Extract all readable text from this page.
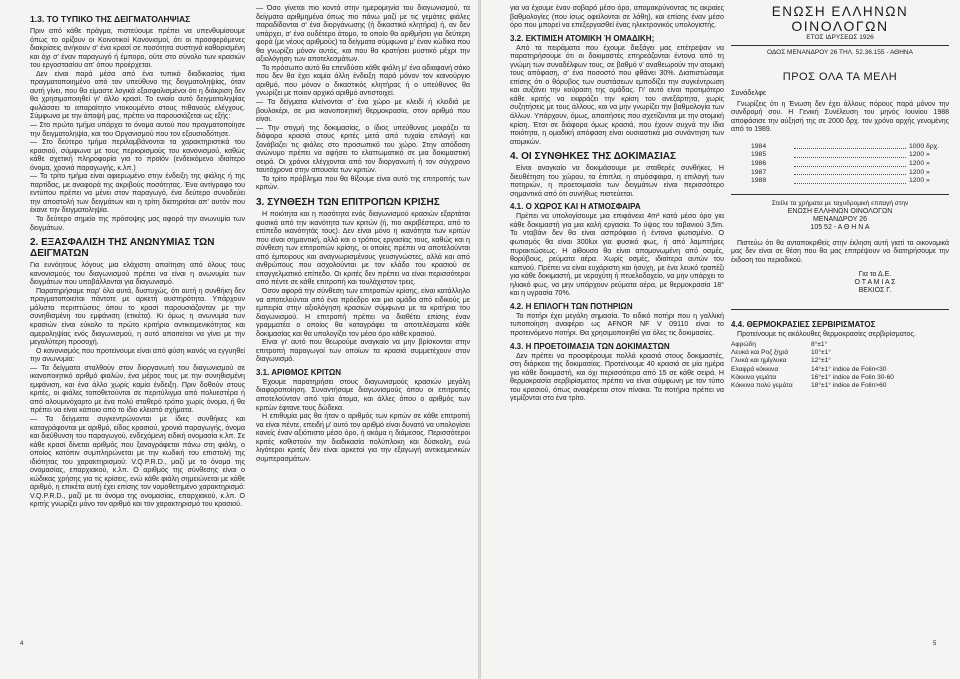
1.3. ΤΟ ΤΥΠΙΚΟ ΤΗΣ ΔΕΙΓΜΑΤΟΛΗΨΙΑΣ

Πριν από κάθε πράγμα, πιστεύουμε πρέπει να υπενθυμίσουμε όπως το ορίζουν οι Κοινοτικοί Κανονισμοί, ότι οι προσφερόμενες διακρίσεις ανήκουν σ' ένα κρασί σε ποσότητα συστηνά καθορισμένη και όχι σ' έναν παραγωγό ή έμπορο, ούτε στο σύνολο των κρασιών του εργοστασίου απ' όπου προέρχεται.

Δεν είναι παρά μέσα από ένα τυπικό διαδικασίας τίμια πραγματοποιημένο από τον υπεύθυνο της δειγματοληψίας, όταν αυτή γίνει, που θα είμαστε λογικά εξασφαλισμένοι ότι η διάκριση δεν θα χρησιμοποιηθεί γι' άλλο κρασί. Το ενιαίο αυτό δειγματοληψίας φυλάσσει το απαραίτητο ντοκουμέντο στους πιθανούς ελέγχους. Σύμφωνα με την άποψή μας, πρέπει να παρουσιάζεται ως εξής:

— Στο πρώτο τμήμα υπάρχει το όνομα αυτού που πραγματοποίησε την δειγματοληψία, και του Οργανισμού που τον εξουσιοδότησε.

— Στο δεύτερο τμήμα περιλαμβάνονται τα χαρακτηριστικά του κρασιού, σύμφωνα με τους περιορισμούς του κανονισμού, καθώς κάθε σχετική πληροφορία για το προϊόν (ενδεικόμενο ιδιαίτερο όνομα, χρονιά παραγωγής, κ.λπ.)

— Το τρίτο τμήμα είναι αφιερωμένο στην ένδειξη της φιάλης ή της παρτίδας, με αναφορά της ακριβούς ποσότητας. Ένα αντίγραφο του εντύπου πρέπει να μένει στον παραγωγό, ένα δεύτερο συνοδεύει την αποστολή των δειγμάτων και η τρίτη διατηρείται απ' αυτόν που έκανε την δειγματοληψία.

Το δεύτερο σημείο της πρόσοψης μας αφορά την ανωνυμία των δειγμάτων.

2. ΕΞΑΣΦΑΛΙΣΗ ΤΗΣ ΑΝΩΝΥΜΙΑΣ ΤΩΝ ΔΕΙΓΜΑΤΩΝ

Για ευνόητους λόγους μια ελάχιστη απαίτηση από όλους τους κανονισμούς του διαγωνισμού πρέπει να είναι η ανωνυμία των δειγμάτων που υποβάλλονται για διαγωνισμό.

Παρατηρήσαμε παρ' όλα αυτά, δυστυχώς, ότι αυτή η συνθήκη δεν πραγματοποιείται πάντοτε με αρκετή αυστηρότητα. Υπάρχουν μάλιστα περιπτώσεις όπου το κρασί παρουσιάζονταν με την συνηθισμένη του εμφάνιση (ετικέτα). Κι όμως η ανωνυμία των κρασιών είναι εύκολο το πρώτο κριτήριο αντικειμενικότητας και αμεροληψίας ενός διαγωνισμού, η αυτό απαιτείται να γίνει με την μεγαλύτερη προσοχή.

Ο κανονισμός που προτείνουμε είναι από φύση ικανός να εγγυηθεί την ανωνυμία:

— Τα δείγματα σταλθούν στον διοργανωτή του διαγωνισμού σε ικανοποιητικό αριθμό φιαλών, ένα μέρος τους με την συνηθισμένη εμφάνιση, και ένα άλλο χωρίς καμία ένδειξη. Πριν δοθούν στους κριτές, οι φιάλες τοποθετούνται σε περιτύλιγμα από πολυεστέρα ή από αλουμινόχαρτο με ένα πολύ σταθερό τρόπο χωρίς όνομα, ή θα πρέπει να είναι κάποιο από το ίδιο κλειστό σχήματα.

— Τα δείγματα συγκεντρώνονται με ίδιες συνθήκες και καταγράφονται με αριθμό, είδος κρασιού, χρονιά παραγωγής, όνομα και διεύθυνση του παραγωγού, ενδεχόμενη ειδική ονομασία κ.λπ. Σε κάθε κρασί δίνεται αριθμός που ξαναγράφεται πάνω στη φιάλη, ο οποίος κατόπιν συμπληρώνεται με την κωδική του επιστολή της ιδιότητας του χαρακτηρισμού: V.Q.P.R.D., μαζί με το όνομα της ονομασίας, επαρχιακού, κ.λπ. Ο αριθμός της σύνθεσης είναι ο κώδικας χρήσης για τις κρίσεις, ενώ κάθε φιάλη σημειώνεται με κάθε αριθμό, η επικέτα αυτή έχει επίσης τον νομοθετημένο χαρακτηρισμό: V.Q.P.R.D., μαζί με το όνομα της ονομασίας, επαρχιακού, κ.λπ. Ο κριτής γνωρίζει μόνο τον αριθμό και τον χαρακτηρισμό του κρασιού.

— Όσο γίνεται πιο κοντά στην ημερομηνία του διαγωνισμού, τα δείγματα αριθμημένα όπως πιο πάνω μαζί με τις γεμάτες φιάλες παραδίδονται σ' ένα διοργάνωσης (ή δικαστικό κλητήρα) ή, αν δεν υπάρχει, σ' ένα ουδέτερο άτομο, το οποίο θα αριθμήσει για δεύτερη φορά (με νέους αριθμούς) τα δείγματα σύμφωνα μ' έναν κώδικα που θα γνωρίζει μόνον αυτός, και που θα κρατήσει μυστικό μέχρι την αξιολόγηση των αποτελεσμάτων.

Το πρόσωπο αυτό θα επενδύσει κάθε φιάλη μ' ένα αδιαφανή σάκο που δεν θα έχει καμία άλλη ένδειξη παρά μόνον τον καινούργιο αριθμό, που μόνον ο δικαστικός κλητήρας ή ο υπεύθυνος θα γνωρίζει με ποιον αρχικό αριθμό αντιστοιχεί.

— Τα δείγματα κλείνονται σ' ένα χώρο με κλειδί ή κλειδιά με βουλοκέρι, σε μια ικανοποιητική θερμοκρασία, στον αριθμό που είναι.

— Την στιγμή της δοκιμασίας, ο ίδιος υπεύθυνος μοιράζει τα διάφορα κρασιά στους κριτές μετά από τυχαία επιλογή και ξανάβαζει τις φιάλες στο προσωπικό του χώρο. Στην απόδοση ανώνυμο πρέπει να αφήσει το ελαττωματικό σε μια δοκιμαστική σειρά. Οι χρόνοι ελέγχονται από τον διοργανωτή ή τον σύγχρονο ταυτόχρονα στην απουσία των κριτών.

Το τρίτο πρόβλημα που θα θίξουμε είναι αυτό της επιτροπής των κριτών.

3. ΣΥΝΘΕΣΗ ΤΩΝ ΕΠΙΤΡΟΠΩΝ ΚΡΙΣΗΣ

Η ποιότητα και η ποσότητα ενός διαγωνισμού κρασιών εξαρτάται φυσικά από την ικανότητα των κριτών (ή, πιο ακριβέστερα, από το επίπεδο ικανότητάς τους). Δεν είναι μόνο η ικανότητα των κριτών που είναι σημαντική, αλλά και ο τρόπος εργασίας τους, καθώς και η σύνθεση των επιτροπών κρίσης, οι οποίες πρέπει να αποτελούνται από έμπειρους και αναγνωρισμένους γευσιγνώστες, αλλά και από ανθρώπους που ασχολούνται με τον κλάδο του κρασιού σε επαγγελματικό επίπεδο. Οι κριτές δεν πρέπει να είναι περισσότεροι από πέντε σε κάθε επιτροπή και τουλάχιστον τρεις.

Όσον αφορά την σύνθεση των επιτροπών κρίσης, είναι κατάλληλο να αποτελούνται από ένα πρόεδρο και μια ομάδα από ειδικούς με εμπειρία στην αξιολόγηση κρασιών σύμφωνα με τα κριτήρια του διαγωνισμού. Η επιτροπή πρέπει να διαθέτει επίσης έναν γραμματέα ο οποίος θα καταγράφει τα αποτελέσματα κάθε δοκιμασίας και θα υπολογίζει τον μέσο όρο κάθε κρασιού.

Είναι γι' αυτό που θεωρούμε αναγκαίο να μην βρίσκονται στην επιτροπή παραγωγοί των οποίων τα κρασιά συμμετέχουν στον διαγωνισμό.

3.1. ΑΡΙΘΜΟΣ ΚΡΙΤΩΝ

Έχουμε παρατηρήσει στους διαγωνισμούς κρασιών μεγάλη διαφοροποίηση. Συναντήσαμε διαγωνισμούς όπου οι επιτροπές αποτελούνταν από τρία άτομα, και άλλες όπου ο αριθμός των κριτών έφτανε τους δώδεκα.

Η επιθυμία μας θα ήταν ο αριθμός των κριτών σε κάθε επιτροπή να είναι πέντε, επειδή μ' αυτό τον αριθμό είναι δυνατό να υπολογίσει κανείς έναν αξιόπιστο μέσο όρο, ή ακόμα η διάμεσος. Περισσότεροι κριτές καθιστούν την διαδικασία πολύπλοκη και δύσκολη, ενώ λιγότεροι κριτές δεν είναι αρκετοί για την εξαγωγή αντικειμενικών συμπερασμάτων.

4

για να έχουμε έναν σοβαρό μέσο όρο, απομακρύνοντας τις ακραίες βαθμολογίες (που ίσως οφείλονται σε λάθη), και επίσης έναν μέσο όρο που μπορεί να επεξεργασθεί ένας ηλεκτρονικός υπολογιστής.

3.2. ΕΚΤΙΜΙΣΗ ΑΤΟΜΙΚΗ Ή ΟΜΑΔΙΚΗ;

Από τα πειράματα που έχουμε διεξάγει μας επέτρεψαν να παρατηρήσουμε ότι οι δοκιμαστές επηρεάζονται έντονα από τη γνώμη των συναδέλφων τους, σε βαθμό ν' αναθεωρούν την ατομική τους απόφαση, σ' ένα ποσοστό που φθάνει 30%. Διαπιστώσαμε επίσης ότι ο θόρυβος των συστάσεων εμποδίζει την συγκέντρωση και αυξάνει την κούραση της ομάδας. Γι' αυτό είναι προτιμότερο κάθε κριτής να εκφράζει την κρίση του ανεξάρτητα, χωρίς συζητήσεις με τους άλλους, και να μην γνωρίζει την βαθμολογία των άλλων. Υπάρχουν, όμως, απαιτήσεις που σχετίζονται με την ατομική κρίση. Έτσι σε διάφορα όμως κρασιά, που έχουν συχνά την ίδια ποιότητα, η ομαδική απόφαση είναι ουσιαστικά μια συνάντηση των ατομικών.

4. ΟΙ ΣΥΝΘΗΚΕΣ ΤΗΣ ΔΟΚΙΜΑΣΙΑΣ

Είναι αναγκαίο να δοκιμάσουμε με σταθερές συνθήκες. Η διευθέτηση του χώρου, τα έπιπλα, η ατμόσφαιρα, η επιλογή των ποτηριών, η προετοιμασία των δειγμάτων είναι περισσότερο σημαντικά από ότι συνήθως πιστεύεται.

4.1. Ο ΧΩΡΟΣ ΚΑΙ Η ΑΤΜΟΣΦΑΙΡΑ

Πρέπει να υπολογίσουμε μια επιφάνεια 4m² κατά μέσο όρο για κάθε δοκιμαστή για μια καλή εργασία. Το ύψος του ταβανιού 3,5m. Το νταβάνι δεν θα είναι ασπρόφαιο ή έντονα φωτισμένο. Ο φωτισμός θα είναι 300lux για φυσικό φως, ή από λαμπτήρες πυρακτώσεως. Η αίθουσα θα είναι απομονωμένη από οσμές, θορύβους, ρεύματα αέρα. Χωρίς οσμές, ιδιαίτερα αυτών του καπνού. Πρέπει να είναι ευχάριστη και ήσυχη, με ένα λευκό τραπέζι για κάθε δοκιμαστή, με νεροχύτη ή πτυελοδοχείο, να μην υπάρχει το ηλιακό φως, να μην υπάρχουν ρεύματα αέρα, με θερμοκρασία 18° και η υγρασία 70%.

4.2. Η ΕΠΙΛΟΓΗ ΤΩΝ ΠΟΤΗΡΙΩΝ

Το ποτήρι έχει μεγάλη σημασία. Το ειδικό ποτήρι που η γαλλική τυποποίηση αναφέρει ως AFNOR NF V 09110 είναι το προτεινόμενο ποτήρι. Θα χρησιμοποιηθεί για όλες τις δοκιμασίες.

4.3. Η ΠΡΟΕΤΟΙΜΑΣΙΑ ΤΩΝ ΔΟΚΙΜΑΣΤΩΝ

Δεν πρέπει να προσφέρουμε πολλά κρασιά στους δοκιμαστές, στη διάρκεια της δοκιμασίας. Προτείνουμε 40 κρασιά σε μία ημέρα για κάθε δοκιμαστή, και όχι περισσότερα από 15 σε κάθε σειρά. Η θερμοκρασία σερβιρίσματος πρέπει να είναι σύμφωνη με τον τύπο του κρασιού, όπως αναφέρεται στον πίνακα. Τα ποτήρια πρέπει να γεμίζονται στο ένα τρίτο.

ΕΝΩΣΗ ΕΛΛΗΝΩΝ
ΟΙΝΟΛΟΓΩΝ
ΕΤΟΣ ΙΔΡΥΣΕΩΣ 1926
ΟΔΟΣ ΜΕΝΑΝΔΡΟΥ 26 ΤΗΛ. 52.36.155 - ΑΘΗΝΑ
ΠΡΟΣ ΟΛΑ ΤΑ ΜΕΛΗ

Συνάδελφε

Γνωρίζεις ότι η Ένωση δεν έχει άλλους πόρους παρά μόνον την συνδρομή σου. Η Γενική Συνέλευση του μηνός Ιουνίου 1988 αποφάσισε την αύξησή της σε 2000 δρχ. τον χρόνο αρχής γενομένης από το 1989.

1984	1000 δρχ.
1985	1200 »
1986	1200 »
1987	1200 »
1988	1200 »
Στείλε τα χρήματα με ταχυδρομική επιταγή στην
ΕΝΩΣΗ ΕΛΛΗΝΩΝ ΟΙΝΟΛΟΓΩΝ
ΜΕΝΑΝΔΡΟΥ 26
105 52 - Α Θ Η Ν Α

Πιστεύω ότι θα ανταποκριθείς στην έκληση αυτή γιατί τα οικονομικά μας δεν είναι σε θέση που θα μας επιτρέψουν να διατηρήσουμε την έκδοση του περιοδικού.

Για το Δ.Ε.
Ο Τ Α Μ Ι Α Σ
ΒΕΚΙΟΣ Γ.
4.4. ΘΕΡΜΟΚΡΑΣΙΕΣ ΣΕΡΒΙΡΙΣΜΑΤΟΣ

Προτείνουμε τις ακόλουθες θερμοκρασίες σερβιρίσματος.

Αφρώδη	8°±1°
Λευκά και Ροζ ξηρά	10°±1°
Γλυκά και ημίγλυκα	12°±1°
Ελαφρά κόκκινα	14°±1° indice de Folin<30
Κόκκινα γεμάτα	16°±1° indice de Folin 30-60
Κόκκινα πολύ γεμάτα	18°±1° indice de Folin>60
5
